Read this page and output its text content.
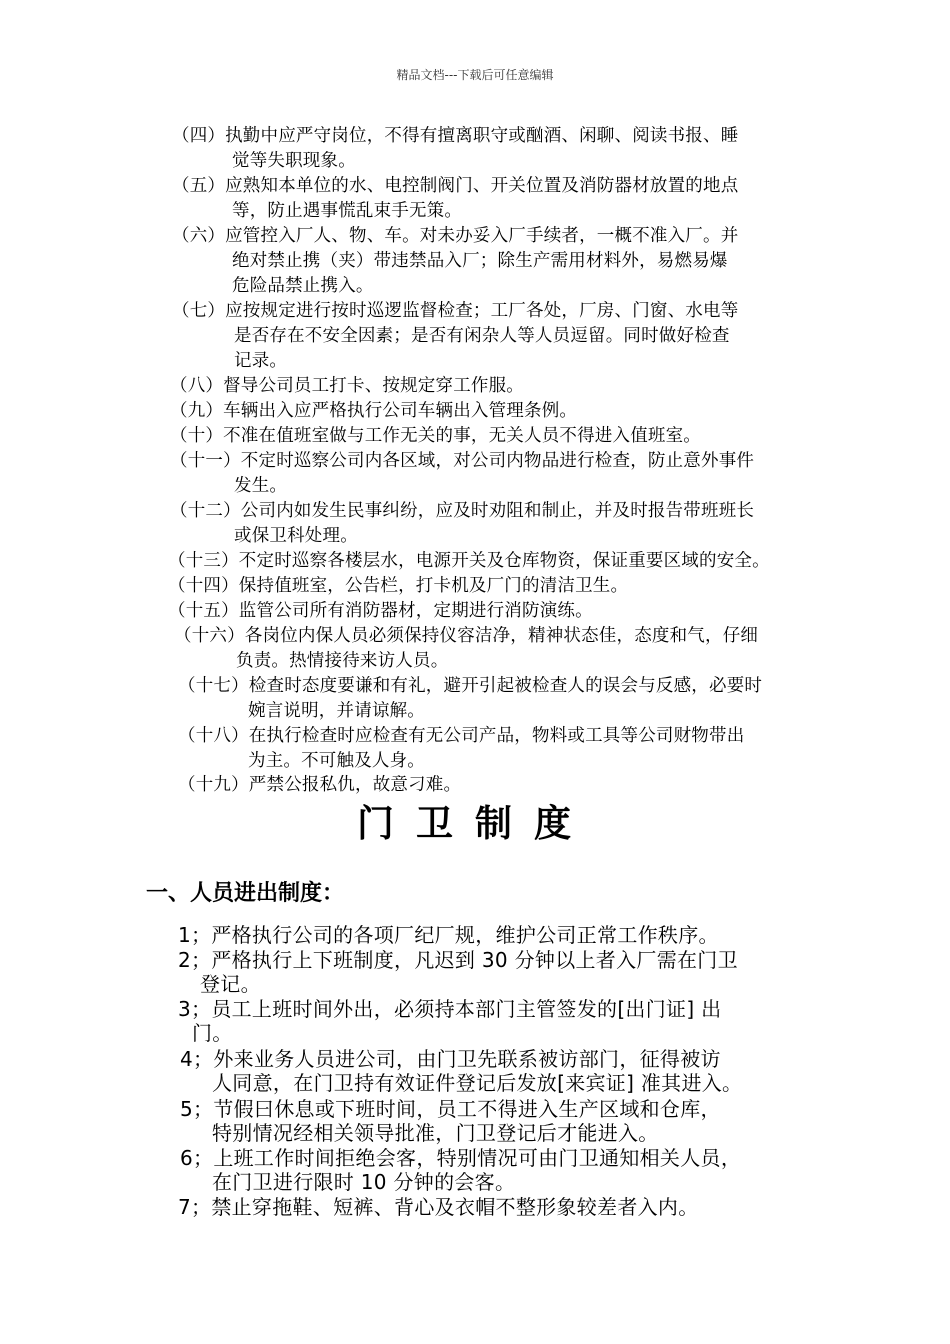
精品文档---下载后可任意编辑

（四）执勤中应严守岗位，不得有擅离职守或酗酒、闲聊、阅读书报、睡
觉等失职现象。

（五）应熟知本单位的水、电控制阀门、开关位置及消防器材放置的地点
等，防止遇事慌乱束手无策。

（六）应管控入厂人、物、车。对未办妥入厂手续者，一概不准入厂。并
绝对禁止携（夹）带违禁品入厂；除生产需用材料外，易燃易爆
危险品禁止携入。

（七）应按规定进行按时巡逻监督检查；工厂各处，厂房、门窗、水电等
是否存在不安全因素；是否有闲杂人等人员逗留。同时做好检查
记录。

（八）督导公司员工打卡、按规定穿工作服。

（九）车辆出入应严格执行公司车辆出入管理条例。

（十）不准在值班室做与工作无关的事，无关人员不得进入值班室。

（十一）不定时巡察公司内各区域，对公司内物品进行检查，防止意外事件
发生。

（十二）公司内如发生民事纠纷，应及时劝阻和制止，并及时报告带班班长
或保卫科处理。

（十三）不定时巡察各楼层水，电源开关及仓库物资，保证重要区域的安全。

（十四）保持值班室，公告栏，打卡机及厂门的清洁卫生。

（十五）监管公司所有消防器材，定期进行消防演练。

（十六）各岗位内保人员必须保持仪容洁净，精神状态佳，态度和气，仔细
负责。热情接待来访人员。

（十七）检查时态度要谦和有礼，避开引起被检查人的误会与反感，必要时
婉言说明，并请谅解。

（十八）在执行检查时应检查有无公司产品，物料或工具等公司财物带出
为主。不可触及人身。

（十九）严禁公报私仇，故意刁难。

门卫制度
一、人员进出制度：

1；严格执行公司的各项厂纪厂规，维护公司正常工作秩序。

2；严格执行上下班制度，凡迟到 30 分钟以上者入厂需在门卫
登记。

3；员工上班时间外出，必须持本部门主管签发的[出门证] 出
门。

4；外来业务人员进公司，由门卫先联系被访部门，征得被访
人同意，在门卫持有效证件登记后发放[来宾证] 准其进入。

5；节假曰休息或下班时间，员工不得进入生产区域和仓库，
特别情况经相关领导批准，门卫登记后才能进入。

6；上班工作时间拒绝会客，特别情况可由门卫通知相关人员，
在门卫进行限时 10 分钟的会客。

7；禁止穿拖鞋、短裤、背心及衣帽不整形象较差者入内。
